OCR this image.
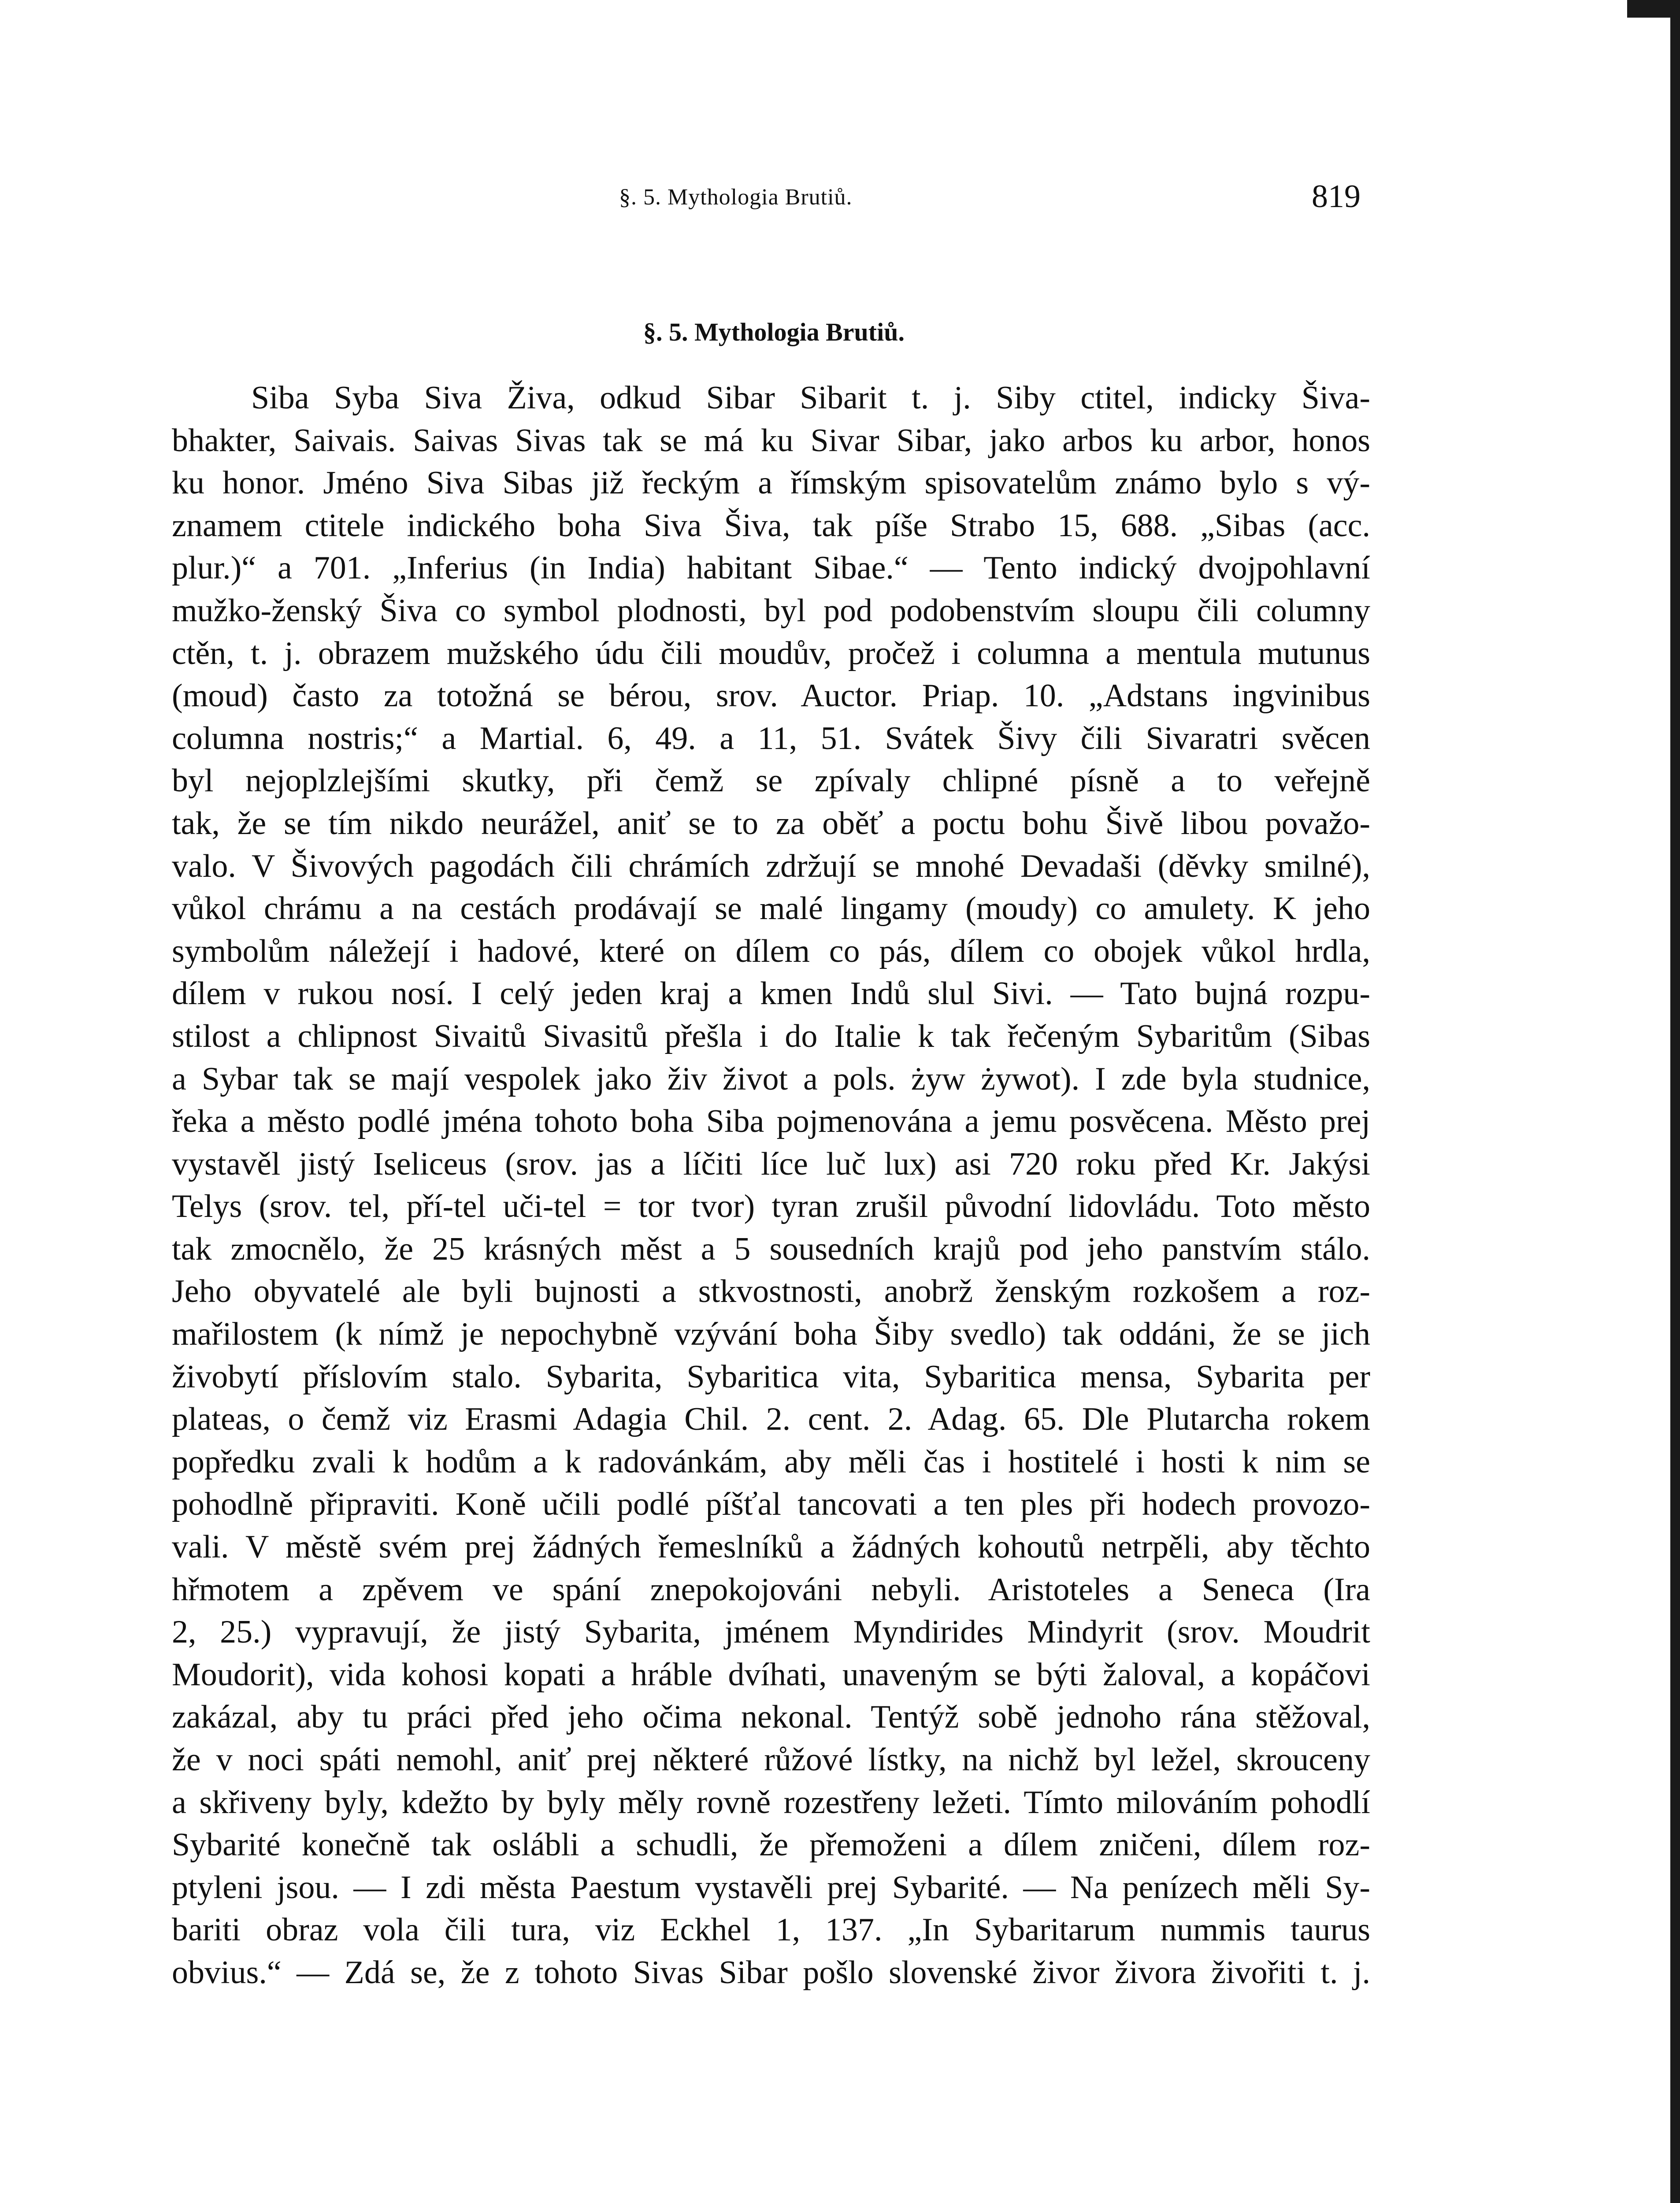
§. 5. Mythologia Brutiů.	819
§. 5. Mythologia Brutiů.
Siba Syba Siva Živa, odkud Sibar Sibarit t. j. Siby ctitel, indicky Šiva-
bhakter, Saivais. Saivas Sivas tak se má ku Sivar Sibar, jako arbos ku arbor, honos
ku honor. Jméno Siva Sibas již řeckým a římským spisovatelům známo bylo s vý-
znamem ctitele indického boha Siva Šiva, tak píše Strabo 15, 688. „Sibas (acc.
plur.)“ a 701. „Inferius (in India) habitant Sibae.“ — Tento indický dvojpohlavní
mužko-ženský Šiva co symbol plodnosti, byl pod podobenstvím sloupu čili columny
ctěn, t. j. obrazem mužského údu čili moudův, pročež i columna a mentula mutunus
(moud) často za totožná se bérou, srov. Auctor. Priap. 10. „Adstans ingvinibus
columna nostris;“ a Martial. 6, 49. a 11, 51. Svátek Šivy čili Sivaratri svěcen
byl nejoplzlejšími skutky, při čemž se zpívaly chlipné písně a to veřejně
tak, že se tím nikdo neurážel, aniť se to za oběť a poctu bohu Šivě libou považo-
valo. V Šivových pagodách čili chrámích zdržují se mnohé Devadaši (děvky smilné),
vůkol chrámu a na cestách prodávají se malé lingamy (moudy) co amulety. K jeho
symbolům náležejí i hadové, které on dílem co pás, dílem co obojek vůkol hrdla,
dílem v rukou nosí. I celý jeden kraj a kmen Indů slul Sivi. — Tato bujná rozpu-
stilost a chlipnost Sivaitů Sivasitů přešla i do Italie k tak řečeným Sybaritům (Sibas
a Sybar tak se mají vespolek jako živ život a pols. żyw żywot). I zde byla studnice,
řeka a město podlé jména tohoto boha Siba pojmenována a jemu posvěcena. Město prej
vystavěl jistý Iseliceus (srov. jas a líčiti líce luč lux) asi 720 roku před Kr. Jakýsi
Telys (srov. tel, pří-tel uči-tel = tor tvor) tyran zrušil původní lidovládu. Toto město
tak zmocnělo, že 25 krásných měst a 5 sousedních krajů pod jeho panstvím stálo.
Jeho obyvatelé ale byli bujnosti a stkvostnosti, anobrž ženským rozkošem a roz-
mařilostem (k nímž je nepochybně vzývání boha Šiby svedlo) tak oddáni, že se jich
živobytí příslovím stalo. Sybarita, Sybaritica vita, Sybaritica mensa, Sybarita per
plateas, o čemž viz Erasmi Adagia Chil. 2. cent. 2. Adag. 65. Dle Plutarcha rokem
popředku zvali k hodům a k radovánkám, aby měli čas i hostitelé i hosti k nim se
pohodlně připraviti. Koně učili podlé píšťal tancovati a ten ples při hodech provozo-
vali. V městě svém prej žádných řemeslníků a žádných kohoutů netrpěli, aby těchto
hřmotem a zpěvem ve spání znepokojováni nebyli. Aristoteles a Seneca (Ira
2, 25.) vypravují, že jistý Sybarita, jménem Myndirides Mindyrit (srov. Moudrit
Moudorit), vida kohosi kopati a hráble dvíhati, unaveným se býti žaloval, a kopáčovi
zakázal, aby tu práci před jeho očima nekonal. Tentýž sobě jednoho rána stěžoval,
že v noci spáti nemohl, aniť prej některé růžové lístky, na nichž byl ležel, skrouceny
a skřiveny byly, kdežto by byly měly rovně rozestřeny ležeti. Tímto milováním pohodlí
Sybarité konečně tak oslábli a schudli, že přemoženi a dílem zničeni, dílem roz-
ptyleni jsou. — I zdi města Paestum vystavěli prej Sybarité. — Na penízech měli Sy-
bariti obraz vola čili tura, viz Eckhel 1, 137. „In Sybaritarum nummis taurus
obvius.“ — Zdá se, že z tohoto Sivas Sibar pošlo slovenské živor živora živořiti t. j.
